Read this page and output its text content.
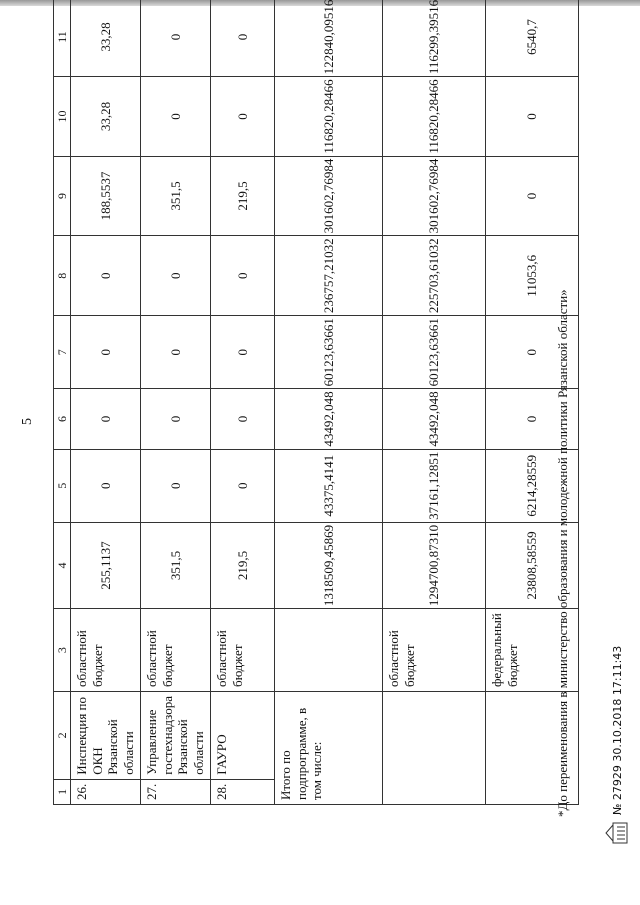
5
1	2	3	4	5	6	7	8	9	10	11			
26.	Инспекция по ОКН Рязанской области	областной бюджет	255,1137	0	0	0	0	188,5537	33,28	33,28			
27.	Управление гостехнадзора Рязанской области	областной бюджет	351,5	0	0	0	0	351,5	0	0			
28.	ГАУРО	областной бюджет	219,5	0	0	0	0	219,5	0	0			
Итого по подпрограмме, в том числе:			1318509,45869	43375,4141	43492,048	60123,63661	236757,21032	301602,76984	116820,28466	122840,09516			
		областной бюджет	1294700,87310	37161,12851	43492,048	60123,63661	225703,61032	301602,76984	116820,28466	116299,39516			
		федеральный бюджет	23808,58559	6214,28559	0	0	11053,6	0	0	6540,7			
*До переименования в министерство образования и молодежной политики Рязанской области»	№ 27929 30.10.2018 17:11:43
